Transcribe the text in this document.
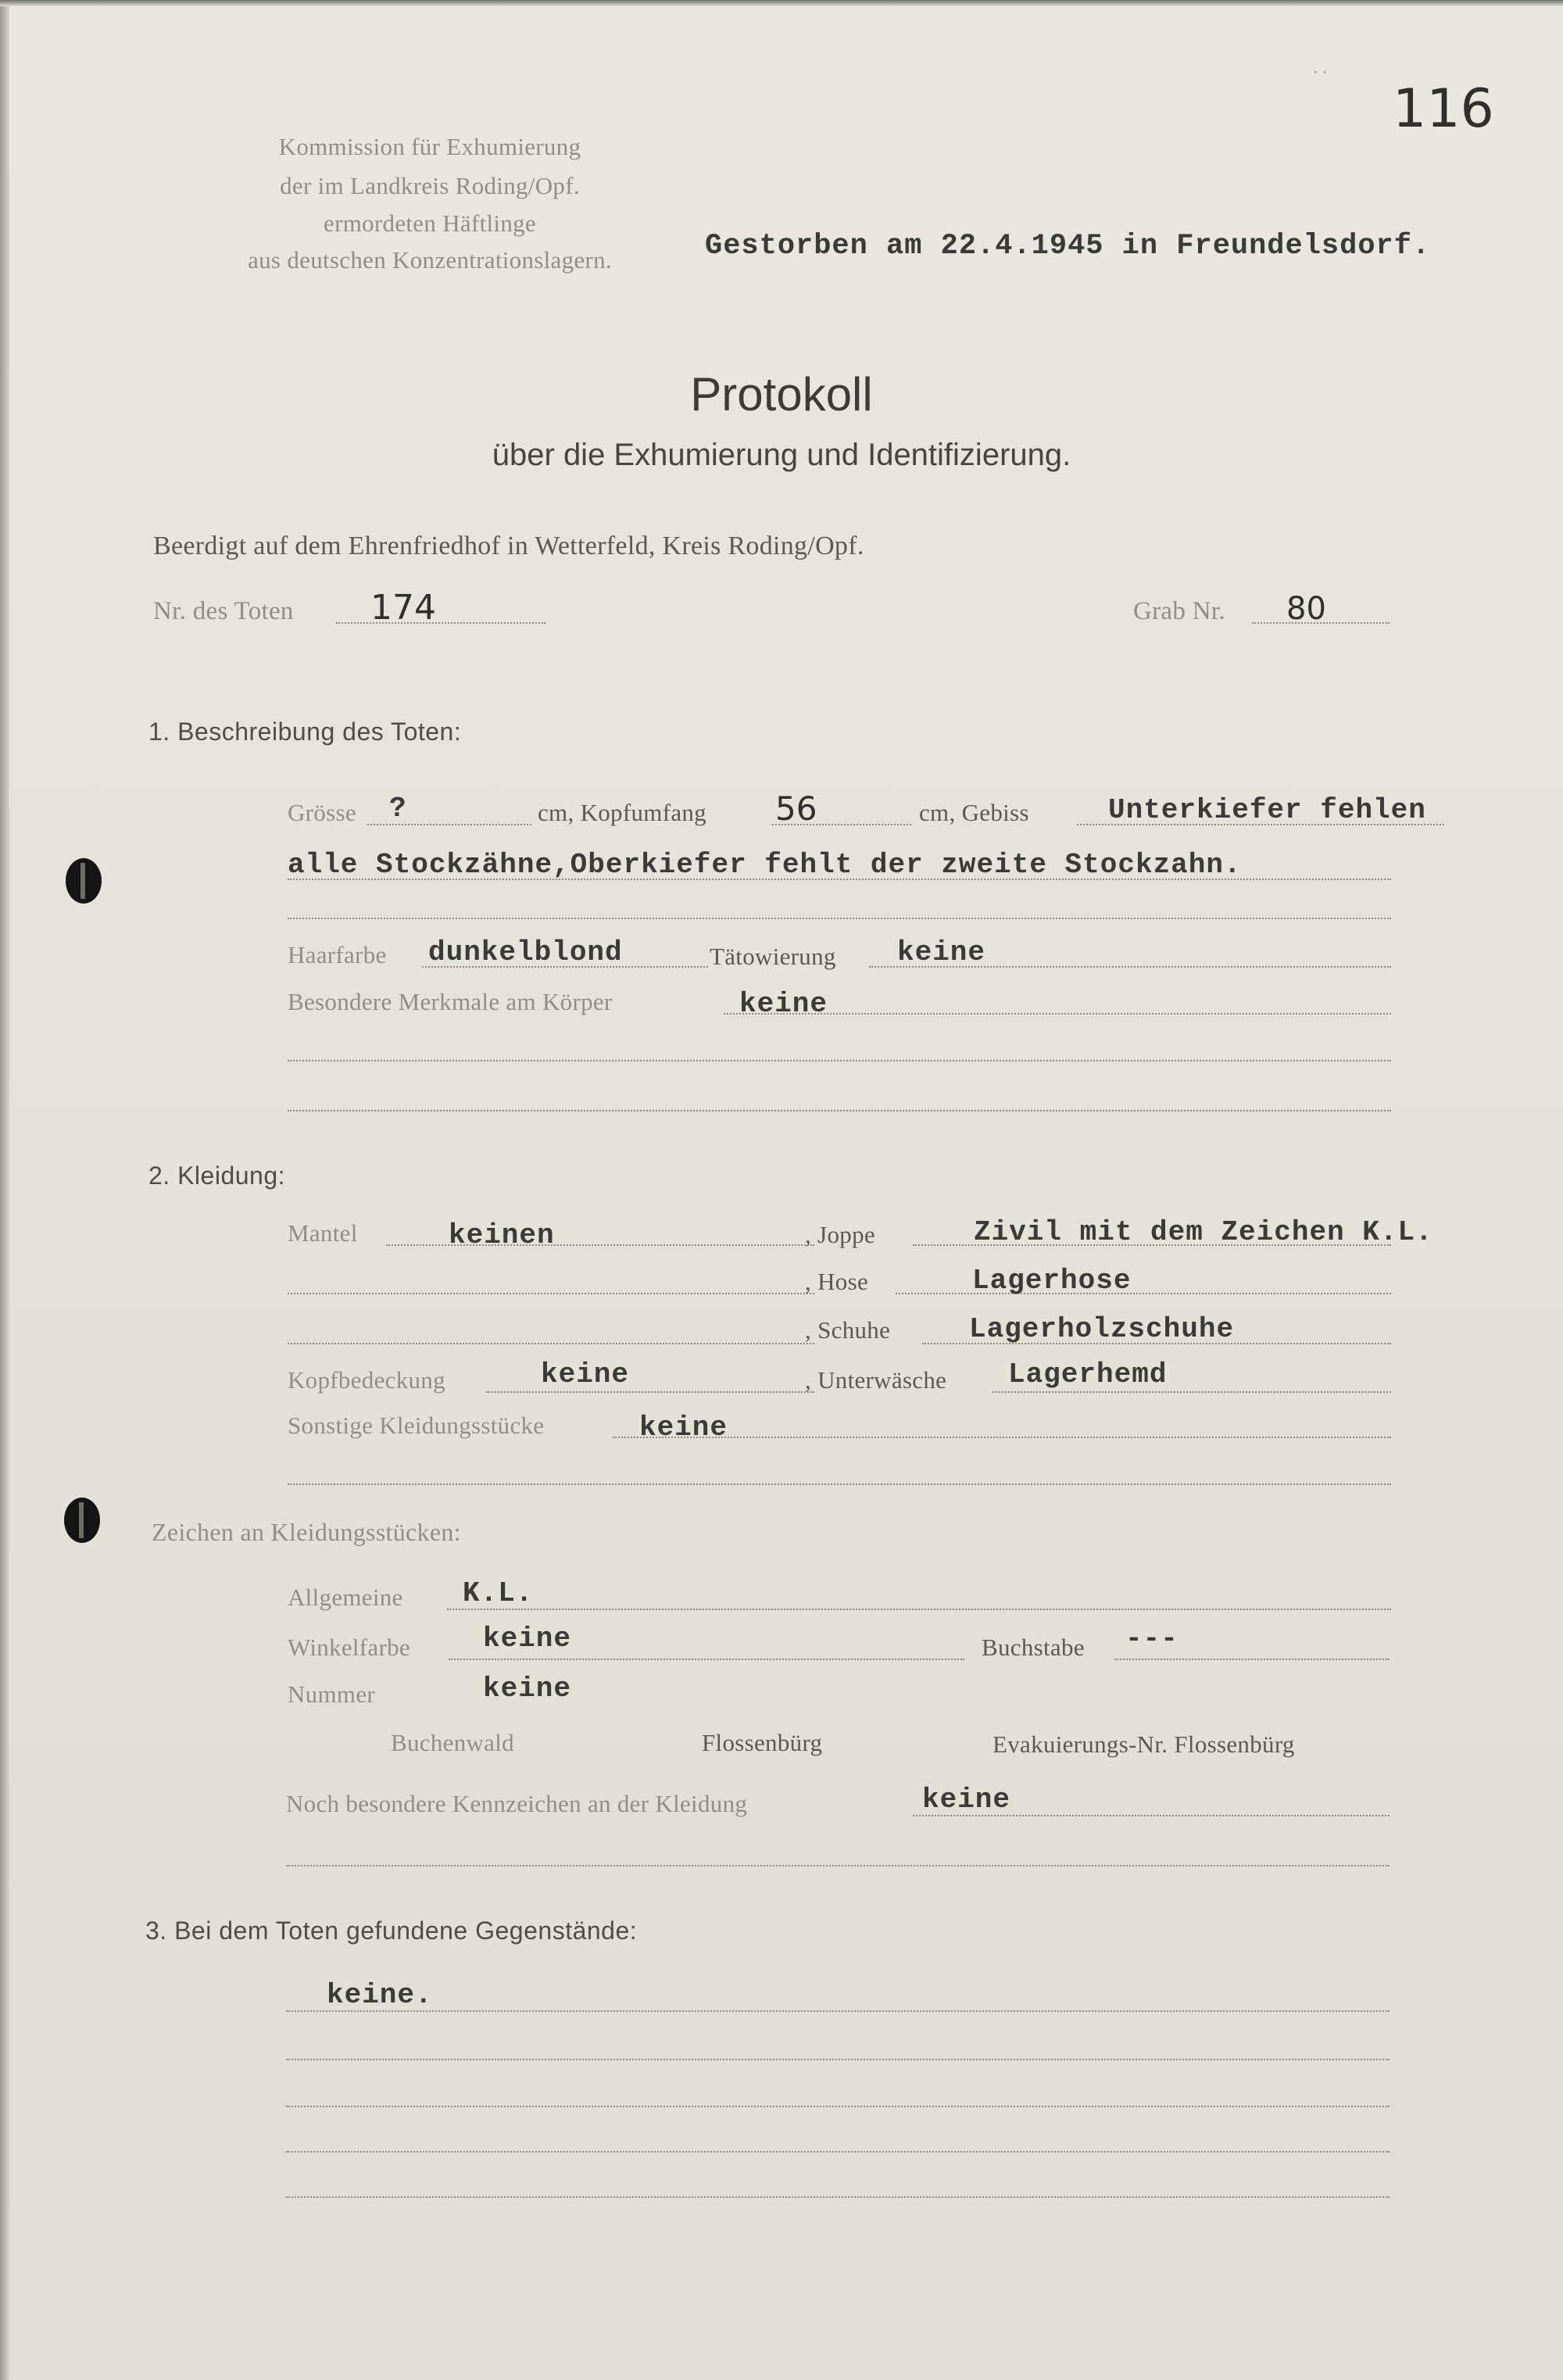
116
· ·
Kommission für Exhumierung
der im Landkreis Roding/Opf.
ermordeten Häftlinge
aus deutschen Konzentrationslagern.	Gestorben am 22.4.1945 in Freundelsdorf.
Protokoll
über die Exhumierung und Identifizierung.
Beerdigt auf dem Ehrenfriedhof in Wetterfeld, Kreis Roding/Opf.
Nr. des Toten 174	Grab Nr. 80
1. Beschreibung des Toten:
Grösse ?	cm, Kopfumfang 56	cm, Gebiss	Unterkiefer fehlen
alle Stockzähne,Oberkiefer fehlt der zweite Stockzahn.
Haarfarbe dunkelblond	Tätowierung keine
Besondere Merkmale am Körper	keine
2. Kleidung:
Mantel	keinen	, Joppe	Zivil mit dem Zeichen K.L.
, Hose	Lagerhose
, Schuhe	Lagerholzschuhe
Kopfbedeckung	keine	, Unterwäsche Lagerhemd
Sonstige Kleidungsstücke	keine
Zeichen an Kleidungsstücken:
Allgemeine K.L.
Winkelfarbe	keine	Buchstabe ---
Nummer	keine
Buchenwald	Flossenbürg	Evakuierungs-Nr. Flossenbürg
Noch besondere Kennzeichen an der Kleidung	keine
3. Bei dem Toten gefundene Gegenstände:
keine.
